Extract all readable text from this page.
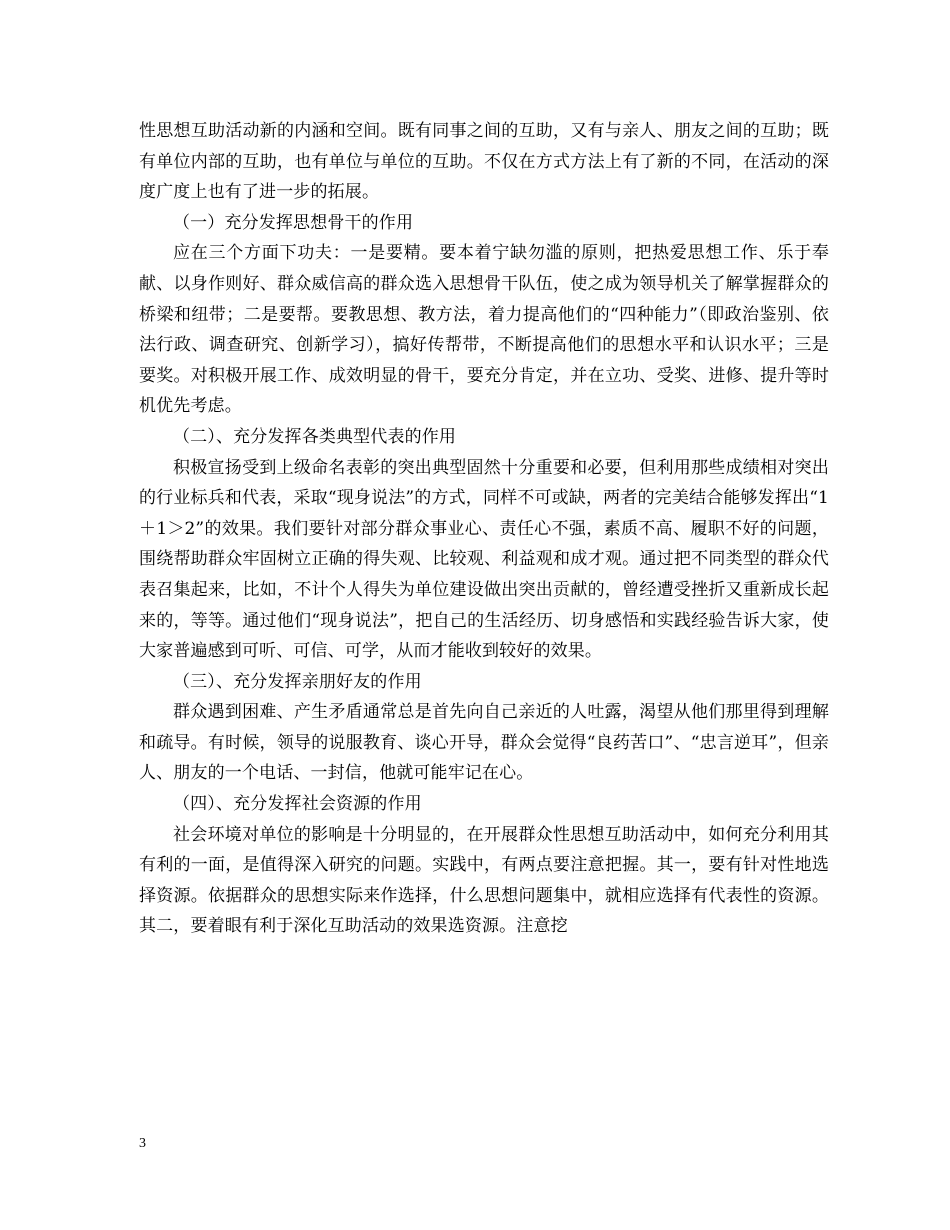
性思想互助活动新的内涵和空间。既有同事之间的互助，又有与亲人、朋友之间的互助；既有单位内部的互助，也有单位与单位的互助。不仅在方式方法上有了新的不同，在活动的深度广度上也有了进一步的拓展。

（一）充分发挥思想骨干的作用

应在三个方面下功夫：一是要精。要本着宁缺勿滥的原则，把热爱思想工作、乐于奉献、以身作则好、群众威信高的群众选入思想骨干队伍，使之成为领导机关了解掌握群众的桥梁和纽带；二是要帮。要教思想、教方法，着力提高他们的“四种能力”（即政治鉴别、依法行政、调查研究、创新学习），搞好传帮带，不断提高他们的思想水平和认识水平；三是要奖。对积极开展工作、成效明显的骨干，要充分肯定，并在立功、受奖、进修、提升等时机优先考虑。

（二）、充分发挥各类典型代表的作用

积极宣扬受到上级命名表彰的突出典型固然十分重要和必要，但利用那些成绩相对突出的行业标兵和代表，采取“现身说法”的方式，同样不可或缺，两者的完美结合能够发挥出“1＋1＞2”的效果。我们要针对部分群众事业心、责任心不强，素质不高、履职不好的问题，围绕帮助群众牢固树立正确的得失观、比较观、利益观和成才观。通过把不同类型的群众代表召集起来，比如，不计个人得失为单位建设做出突出贡献的，曾经遭受挫折又重新成长起来的，等等。通过他们“现身说法”，把自己的生活经历、切身感悟和实践经验告诉大家，使大家普遍感到可听、可信、可学，从而才能收到较好的效果。

（三）、充分发挥亲朋好友的作用

群众遇到困难、产生矛盾通常总是首先向自己亲近的人吐露，渴望从他们那里得到理解和疏导。有时候，领导的说服教育、谈心开导，群众会觉得“良药苦口”、“忠言逆耳”，但亲人、朋友的一个电话、一封信，他就可能牢记在心。

（四）、充分发挥社会资源的作用

社会环境对单位的影响是十分明显的，在开展群众性思想互助活动中，如何充分利用其有利的一面，是值得深入研究的问题。实践中，有两点要注意把握。其一，要有针对性地选择资源。依据群众的思想实际来作选择，什么思想问题集中，就相应选择有代表性的资源。其二，要着眼有利于深化互助活动的效果选资源。注意挖

3
